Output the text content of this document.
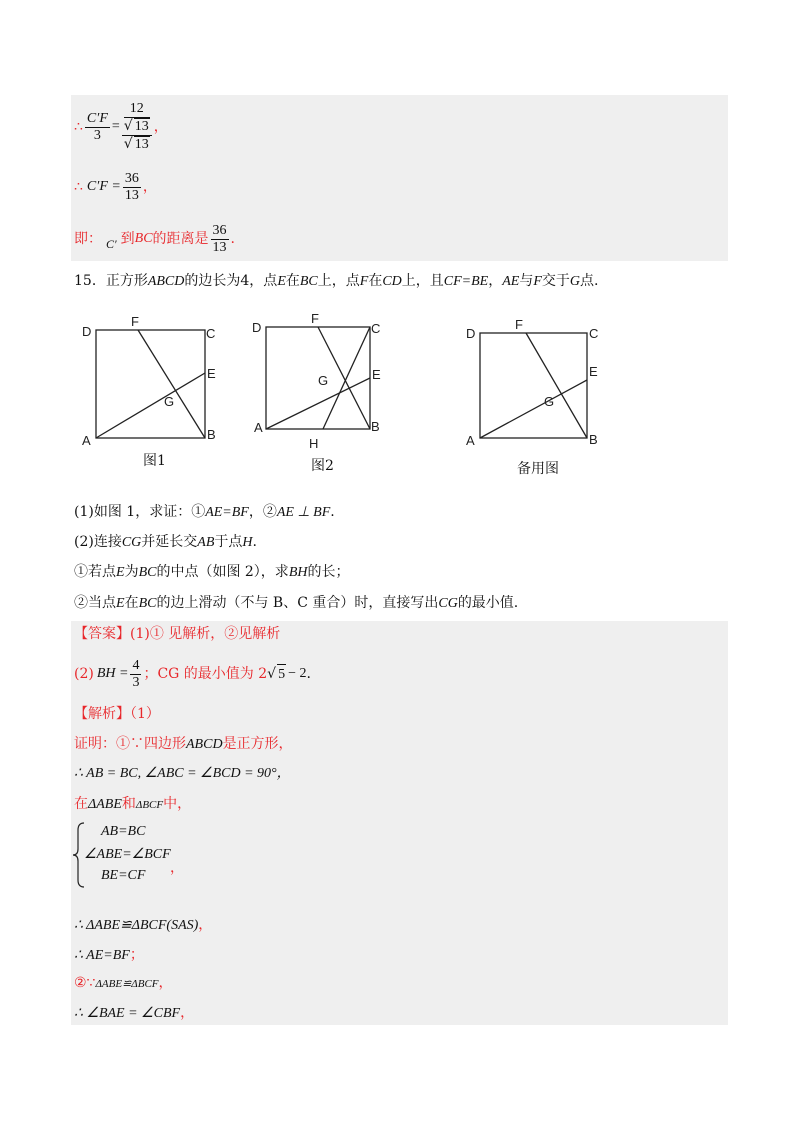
∴ $\frac{C'F}{3} = 12$
√ 13
√ 13 ，
∴ $C'F = \frac{36}{13}$ ，
即： C′ 到 BC 的距离是 $\frac{36}{13}$ .
15．正方形ABCD的边长为4，点E在BC上，点F在CD上，且CF=BE，AE与F交于G点.
D
F
C
E
G
A	B
D
F
C
E
G
A	B
H
D
F
C
E
G
A	B
图1	图2	备用图
(1)如图 1，求证：①AE=BF，②AE ⊥ BF.
(2)连接CG并延长交AB于点H.
①若点E为BC的中点（如图 2），求BH的长；
②当点E在BC的边上滑动（不与 B、C 重合）时，直接写出CG的最小值.
【答案】(1)① 见解析，②见解析
(2) BH = $\frac{4}{3}$ ；CG 的最小值为 2 √ 5 − 2 .
【解析】（1）
证明：①∵四边形ABCD是正方形，
∴ AB = BC, ∠ABC = ∠BCD = 90°，
在ΔABE和ΔBCF中，
AB=BC
∠ABE=∠BCF
BE=CF ，
∴ ΔABE≌ΔBCF(SAS)，
∴ AE=BF；
②∵ΔABE≌ΔBCF，
∴ ∠BAE = ∠CBF，
